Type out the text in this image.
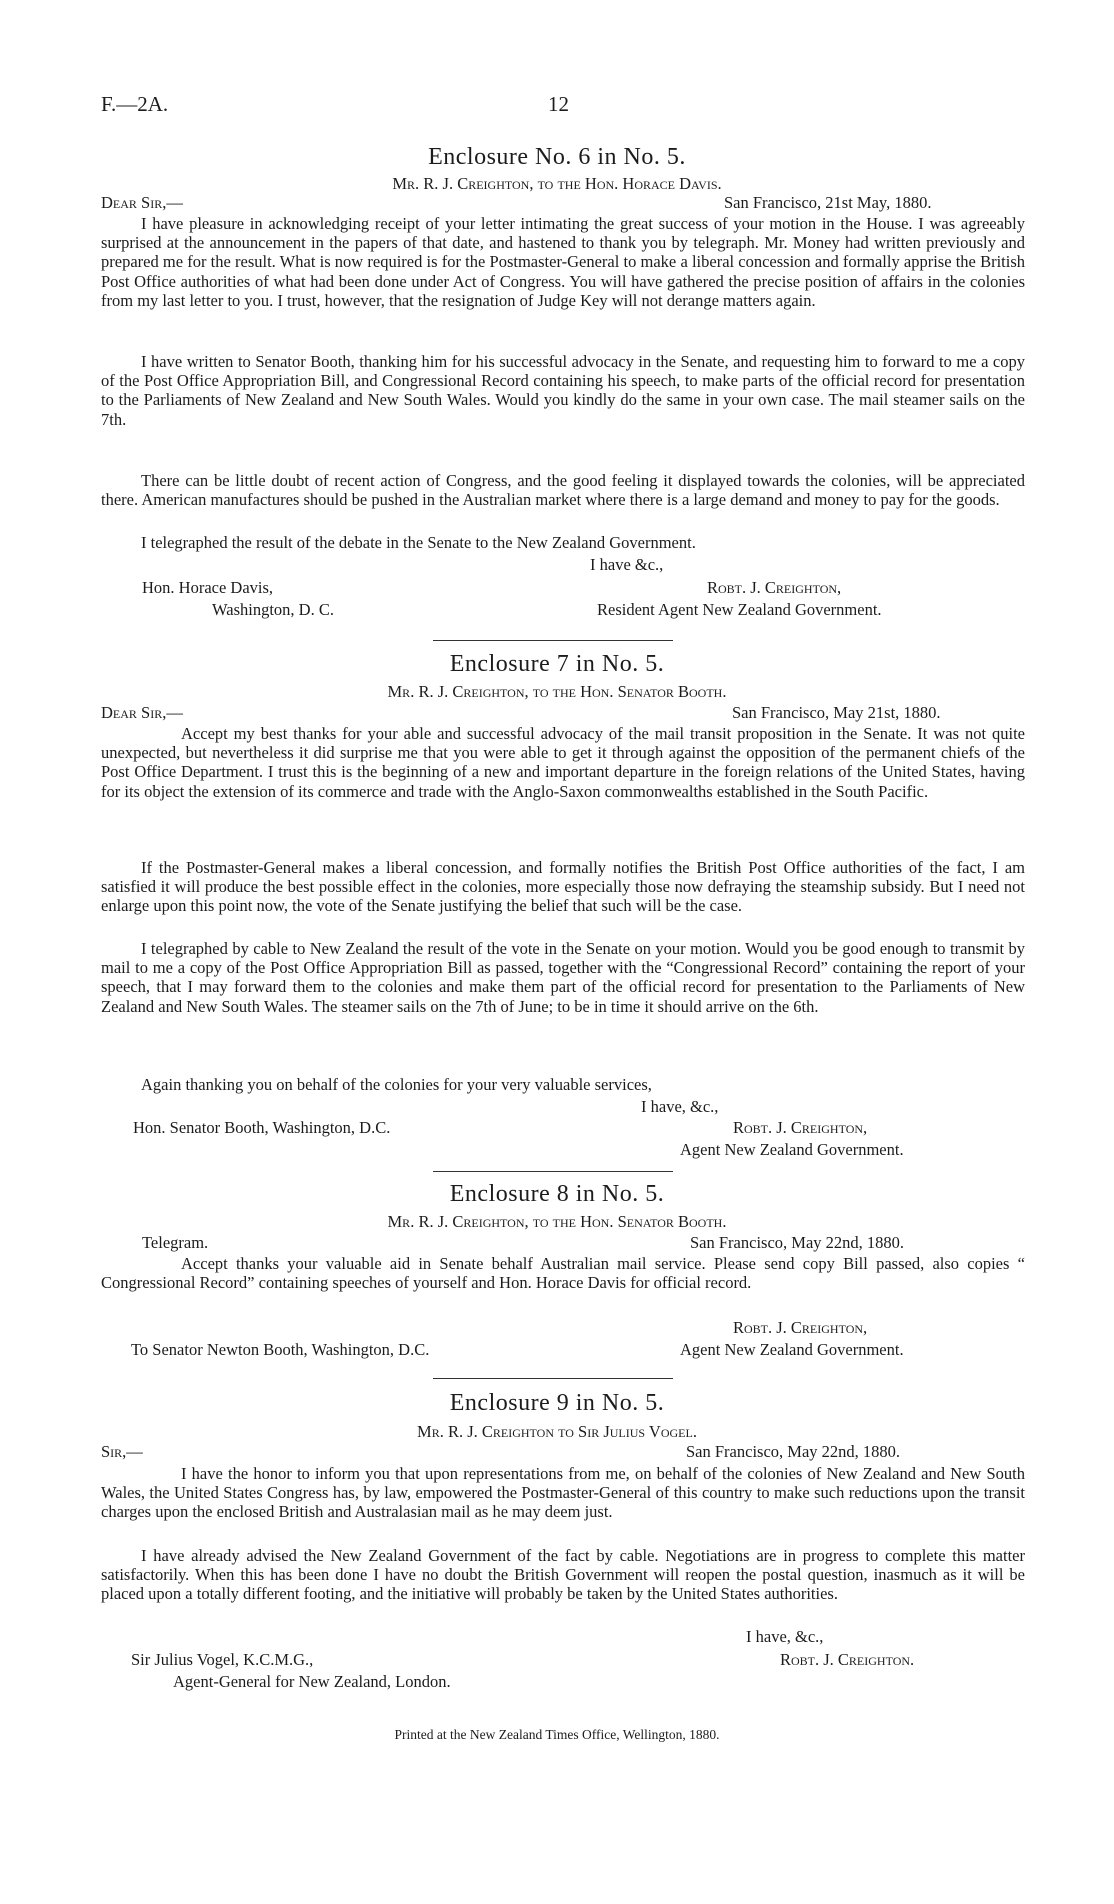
F.—2A.	12
Enclosure No. 6 in No. 5.
Mr. R. J. Creighton, to the Hon. Horace Davis.
Dear Sir,—	San Francisco, 21st May, 1880.

I have pleasure in acknowledging receipt of your letter intimating the great success of your motion in the House. I was agreeably surprised at the announcement in the papers of that date, and hastened to thank you by telegraph. Mr. Money had written previously and prepared me for the result. What is now required is for the Postmaster-General to make a liberal concession and formally apprise the British Post Office authorities of what had been done under Act of Congress. You will have gathered the precise position of affairs in the colonies from my last letter to you. I trust, however, that the resignation of Judge Key will not derange matters again.

I have written to Senator Booth, thanking him for his successful advocacy in the Senate, and requesting him to forward to me a copy of the Post Office Appropriation Bill, and Congressional Record containing his speech, to make parts of the official record for presentation to the Parliaments of New Zealand and New South Wales. Would you kindly do the same in your own case. The mail steamer sails on the 7th.

There can be little doubt of recent action of Congress, and the good feeling it displayed towards the colonies, will be appreciated there. American manufactures should be pushed in the Australian market where there is a large demand and money to pay for the goods.

I telegraphed the result of the debate in the Senate to the New Zealand Government.

I have &c.,
Hon. Horace Davis,	Robt. J. Creighton,
Washington, D. C.	Resident Agent New Zealand Government.
Enclosure 7 in No. 5.
Mr. R. J. Creighton, to the Hon. Senator Booth.
Dear Sir,—	San Francisco, May 21st, 1880.

Accept my best thanks for your able and successful advocacy of the mail transit proposition in the Senate. It was not quite unexpected, but nevertheless it did surprise me that you were able to get it through against the opposition of the permanent chiefs of the Post Office Department. I trust this is the beginning of a new and important departure in the foreign relations of the United States, having for its object the extension of its commerce and trade with the Anglo-Saxon commonwealths established in the South Pacific.

If the Postmaster-General makes a liberal concession, and formally notifies the British Post Office authorities of the fact, I am satisfied it will produce the best possible effect in the colonies, more especially those now defraying the steamship subsidy. But I need not enlarge upon this point now, the vote of the Senate justifying the belief that such will be the case.

I telegraphed by cable to New Zealand the result of the vote in the Senate on your motion. Would you be good enough to transmit by mail to me a copy of the Post Office Appropriation Bill as passed, together with the “Congressional Record” containing the report of your speech, that I may forward them to the colonies and make them part of the official record for presentation to the Parliaments of New Zealand and New South Wales. The steamer sails on the 7th of June; to be in time it should arrive on the 6th.

Again thanking you on behalf of the colonies for your very valuable services,

I have, &c.,
Hon. Senator Booth, Washington, D.C.	Robt. J. Creighton,
Agent New Zealand Government.
Enclosure 8 in No. 5.
Mr. R. J. Creighton, to the Hon. Senator Booth.
Telegram.	San Francisco, May 22nd, 1880.

Accept thanks your valuable aid in Senate behalf Australian mail service. Please send copy Bill passed, also copies “ Congressional Record” containing speeches of yourself and Hon. Horace Davis for official record.

Robt. J. Creighton,
To Senator Newton Booth, Washington, D.C.	Agent New Zealand Government.
Enclosure 9 in No. 5.
Mr. R. J. Creighton to Sir Julius Vogel.
Sir,—	San Francisco, May 22nd, 1880.

I have the honor to inform you that upon representations from me, on behalf of the colonies of New Zealand and New South Wales, the United States Congress has, by law, empowered the Postmaster-General of this country to make such reductions upon the transit charges upon the enclosed British and Australasian mail as he may deem just.

I have already advised the New Zealand Government of the fact by cable. Negotiations are in progress to complete this matter satisfactorily. When this has been done I have no doubt the British Government will reopen the postal question, inasmuch as it will be placed upon a totally different footing, and the initiative will probably be taken by the United States authorities.

I have, &c.,
Sir Julius Vogel, K.C.M.G.,	Robt. J. Creighton.
Agent-General for New Zealand, London.
Printed at the New Zealand Times Office, Wellington, 1880.
